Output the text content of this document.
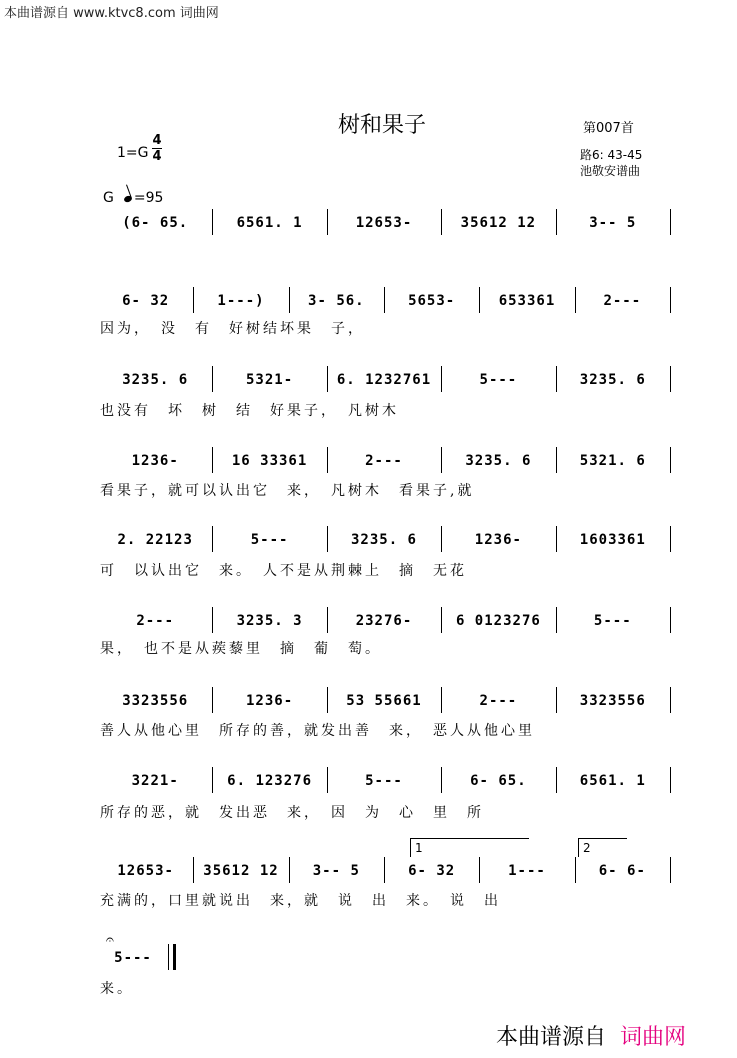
本曲谱源自 www.ktvc8.com 词曲网
树和果子	第007首
1=G
4
4	路6: 43-45
池敬安谱曲
G =95
(6- 65.	6561. 1	12653-	35612 12	3-- 5
6- 32	1---)	3- 56.	5653-	653361	2---
因为，　没　有　好树结坏果　子，
3235. 6	5321-	6. 1232761	5---	3235. 6
也没有　坏　树　结　好果子，　凡树木
1236-	16 33361	2---	3235. 6	5321. 6
看果子，就可以认出它　来，　凡树木　看果子,就
2. 22123	5---	3235. 6	1236-	1603361
可　以认出它　来。　人不是从荆棘上　摘　无花
2---	3235. 3	23276-	6 0123276	5---
果，　也不是从蒺藜里　摘　葡　萄。
3323556	1236-	53 55661	2---	3323556
善人从他心里　所存的善，就发出善　来，　恶人从他心里
3221-	6. 123276	5---	6- 65.	6561. 1
所存的恶，就　发出恶　来，　因　为　心　里　所
12653-	35612 12	3-- 5	6- 32	1---	6- 6-
充满的，口里就说出　来，就　说　出　来。　说　出
5---
来。
1	2
𝄐
本曲谱源自 词曲网
